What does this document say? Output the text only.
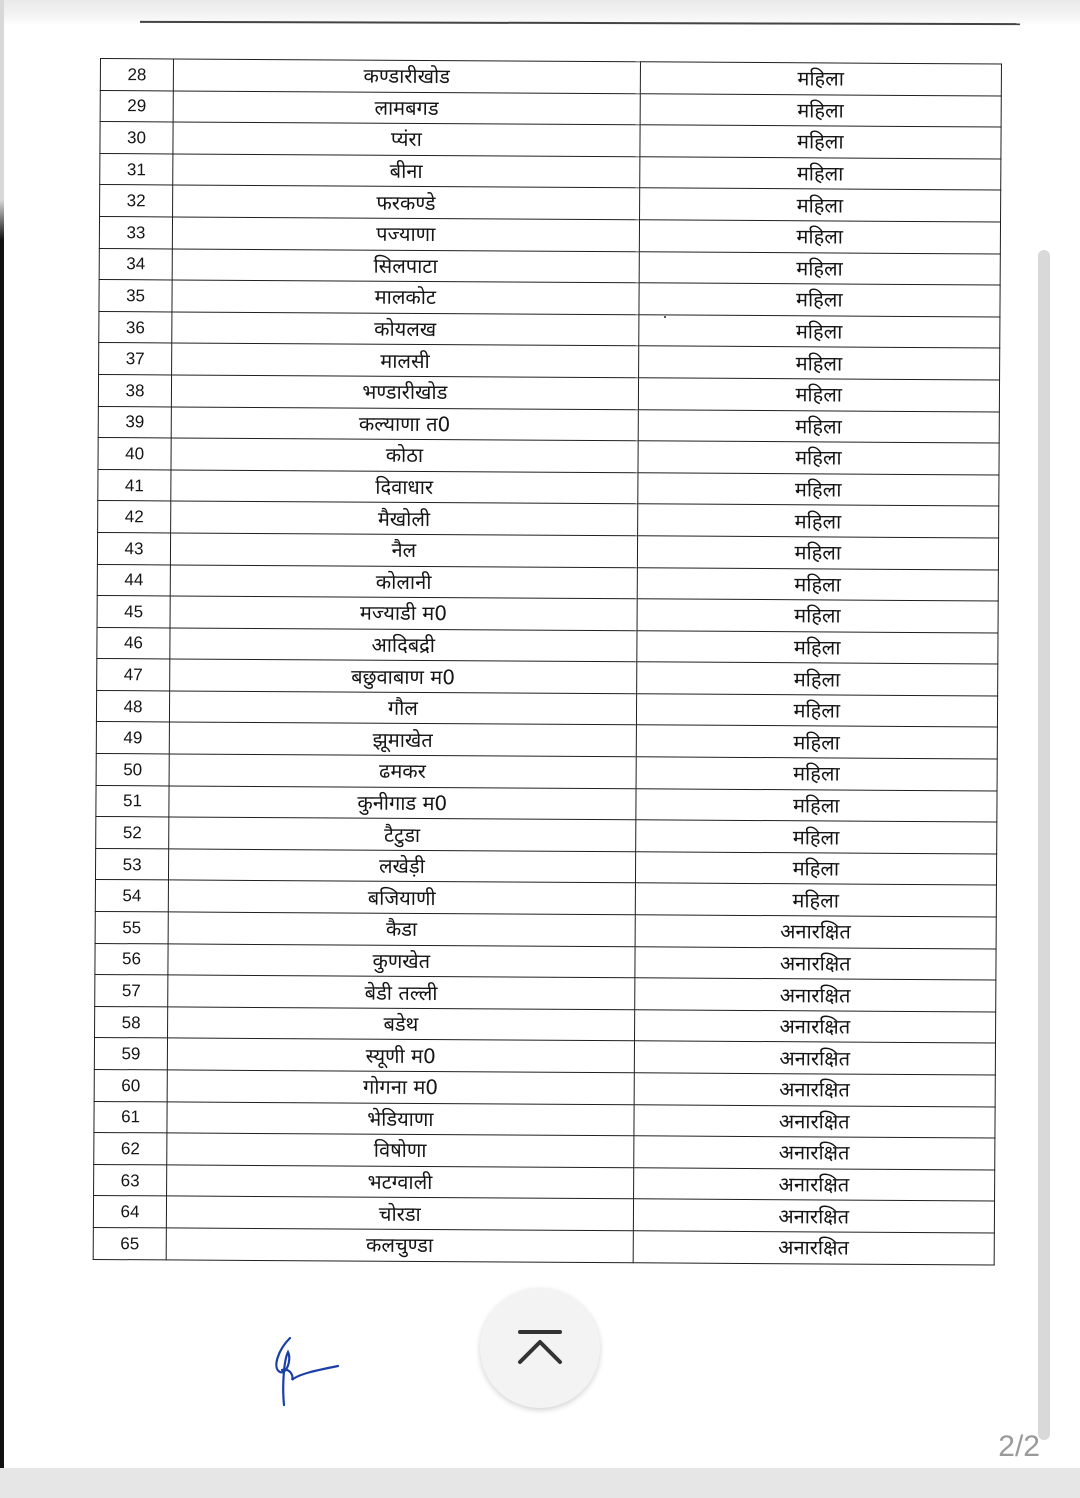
28	कण्डारीखोड	महिला
29	लामबगड	महिला
30	प्यंरा	महिला
31	बीना	महिला
32	फरकण्डे	महिला
33	पज्याणा	महिला
34	सिलपाटा	महिला
35	मालकोट	महिला
36	कोयलख	महिला
37	मालसी	महिला
38	भण्डारीखोड	महिला
39	कल्याणा त0	महिला
40	कोठा	महिला
41	दिवाधार	महिला
42	मैखोली	महिला
43	नैल	महिला
44	कोलानी	महिला
45	मज्याडी म0	महिला
46	आदिबद्री	महिला
47	बछुवाबाण म0	महिला
48	गौल	महिला
49	झूमाखेत	महिला
50	ढमकर	महिला
51	कुनीगाड म0	महिला
52	टैटुडा	महिला
53	लखेड़ी	महिला
54	बजियाणी	महिला
55	कैडा	अनारक्षित
56	कुणखेत	अनारक्षित
57	बेडी तल्ली	अनारक्षित
58	बडेथ	अनारक्षित
59	स्यूणी म0	अनारक्षित
60	गोगना म0	अनारक्षित
61	भेडियाणा	अनारक्षित
62	विषोणा	अनारक्षित
63	भटग्वाली	अनारक्षित
64	चोरडा	अनारक्षित
65	कलचुण्डा	अनारक्षित
2/2
